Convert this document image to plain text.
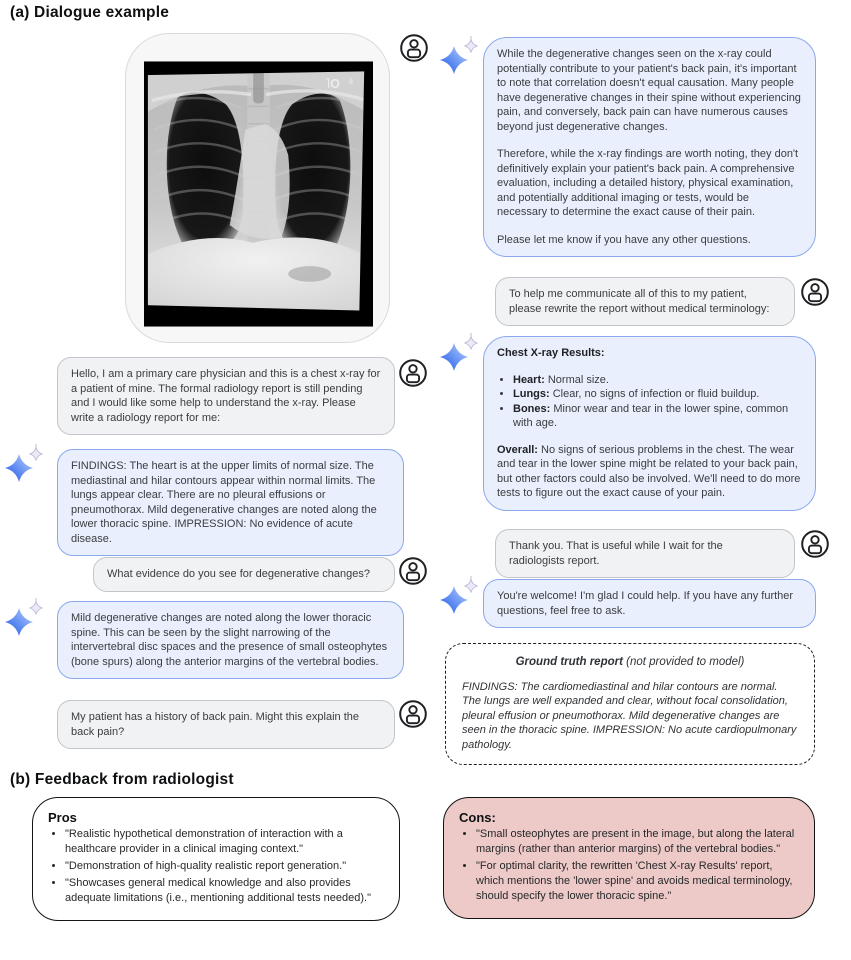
(a) Dialogue example
˥O ā
Hello, I am a primary care physician and this is a chest x-ray for a patient of mine. The formal radiology report is still pending and I would like some help to understand the x-ray. Please write a radiology report for me:
FINDINGS: The heart is at the upper limits of normal size. The mediastinal and hilar contours appear within normal limits. The lungs appear clear. There are no pleural effusions or pneumothorax. Mild degenerative changes are noted along the lower thoracic spine. IMPRESSION: No evidence of acute disease.
What evidence do you see for degenerative changes?
Mild degenerative changes are noted along the lower thoracic spine. This can be seen by the slight narrowing of the intervertebral disc spaces and the presence of small osteophytes (bone spurs) along the anterior margins of the vertebral bodies.
My patient has a history of back pain. Might this explain the back pain?

While the degenerative changes seen on the x-ray could potentially contribute to your patient's back pain, it's important to note that correlation doesn't equal causation. Many people have degenerative changes in their spine without experiencing pain, and conversely, back pain can have numerous causes beyond just degenerative changes.

Therefore, while the x-ray findings are worth noting, they don't definitively explain your patient's back pain. A comprehensive evaluation, including a detailed history, physical examination, and potentially additional imaging or tests, would be necessary to determine the exact cause of their pain.

Please let me know if you have any other questions.

To help me communicate all of this to my patient, please rewrite the report without medical terminology:
Chest X-ray Results:
• Heart: Normal size.
• Lungs: Clear, no signs of infection or fluid buildup.
• Bones: Minor wear and tear in the lower spine, common with age.

Overall: No signs of serious problems in the chest. The wear and tear in the lower spine might be related to your back pain, but other factors could also be involved. We'll need to do more tests to figure out the exact cause of your pain.

Thank you. That is useful while I wait for the radiologists report.
You're welcome! I'm glad I could help. If you have any further questions, feel free to ask.

Ground truth report (not provided to model)

FINDINGS: The cardiomediastinal and hilar contours are normal. The lungs are well expanded and clear, without focal consolidation, pleural effusion or pneumothorax. Mild degenerative changes are seen in the thoracic spine. IMPRESSION: No acute cardiopulmonary pathology.
(b) Feedback from radiologist
Pros
• "Realistic hypothetical demonstration of interaction with a healthcare provider in a clinical imaging context."
• "Demonstration of high-quality realistic report generation."
• "Showcases general medical knowledge and also provides adequate limitations (i.e., mentioning additional tests needed)."
Cons:
• "Small osteophytes are present in the image, but along the lateral margins (rather than anterior margins) of the vertebral bodies."
• "For optimal clarity, the rewritten 'Chest X-ray Results' report, which mentions the 'lower spine' and avoids medical terminology, should specify the lower thoracic spine."
